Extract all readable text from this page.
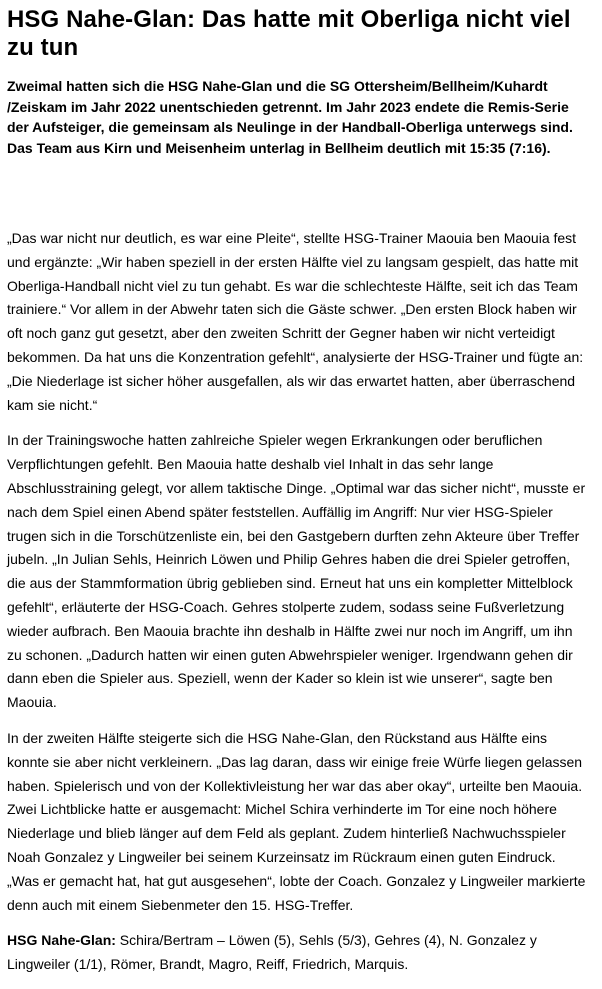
HSG Nahe-Glan: Das hatte mit Oberliga nicht viel zu tun

Zweimal hatten sich die HSG Nahe-Glan und die SG Ottersheim/Bellheim/Kuhardt /Zeiskam im Jahr 2022 unentschieden getrennt. Im Jahr 2023 endete die Remis-Serie der Aufsteiger, die gemeinsam als Neulinge in der Handball-Oberliga unterwegs sind. Das Team aus Kirn und Meisenheim unterlag in Bellheim deutlich mit 15:35 (7:16).

„Das war nicht nur deutlich, es war eine Pleite“, stellte HSG-Trainer Maouia ben Maouia fest und ergänzte: „Wir haben speziell in der ersten Hälfte viel zu langsam gespielt, das hatte mit Oberliga-Handball nicht viel zu tun gehabt. Es war die schlechteste Hälfte, seit ich das Team trainiere.“ Vor allem in der Abwehr taten sich die Gäste schwer. „Den ersten Block haben wir oft noch ganz gut gesetzt, aber den zweiten Schritt der Gegner haben wir nicht verteidigt bekommen. Da hat uns die Konzentration gefehlt“, analysierte der HSG-Trainer und fügte an: „Die Niederlage ist sicher höher ausgefallen, als wir das erwartet hatten, aber überraschend kam sie nicht.“

In der Trainingswoche hatten zahlreiche Spieler wegen Erkrankungen oder beruflichen Verpflichtungen gefehlt. Ben Maouia hatte deshalb viel Inhalt in das sehr lange Abschlusstraining gelegt, vor allem taktische Dinge. „Optimal war das sicher nicht“, musste er nach dem Spiel einen Abend später feststellen. Auffällig im Angriff: Nur vier HSG-Spieler trugen sich in die Torschützenliste ein, bei den Gastgebern durften zehn Akteure über Treffer jubeln. „In Julian Sehls, Heinrich Löwen und Philip Gehres haben die drei Spieler getroffen, die aus der Stammformation übrig geblieben sind. Erneut hat uns ein kompletter Mittelblock gefehlt“, erläuterte der HSG-Coach. Gehres stolperte zudem, sodass seine Fußverletzung wieder aufbrach. Ben Maouia brachte ihn deshalb in Hälfte zwei nur noch im Angriff, um ihn zu schonen. „Dadurch hatten wir einen guten Abwehrspieler weniger. Irgendwann gehen dir dann eben die Spieler aus. Speziell, wenn der Kader so klein ist wie unserer“, sagte ben Maouia.

In der zweiten Hälfte steigerte sich die HSG Nahe-Glan, den Rückstand aus Hälfte eins konnte sie aber nicht verkleinern. „Das lag daran, dass wir einige freie Würfe liegen gelassen haben. Spielerisch und von der Kollektivleistung her war das aber okay“, urteilte ben Maouia. Zwei Lichtblicke hatte er ausgemacht: Michel Schira verhinderte im Tor eine noch höhere Niederlage und blieb länger auf dem Feld als geplant. Zudem hinterließ Nachwuchsspieler Noah Gonzalez y Lingweiler bei seinem Kurzeinsatz im Rückraum einen guten Eindruck. „Was er gemacht hat, hat gut ausgesehen“, lobte der Coach. Gonzalez y Lingweiler markierte denn auch mit einem Siebenmeter den 15. HSG-Treffer.

HSG Nahe-Glan: Schira/Bertram – Löwen (5), Sehls (5/3), Gehres (4), N. Gonzalez y Lingweiler (1/1), Römer, Brandt, Magro, Reiff, Friedrich, Marquis.
